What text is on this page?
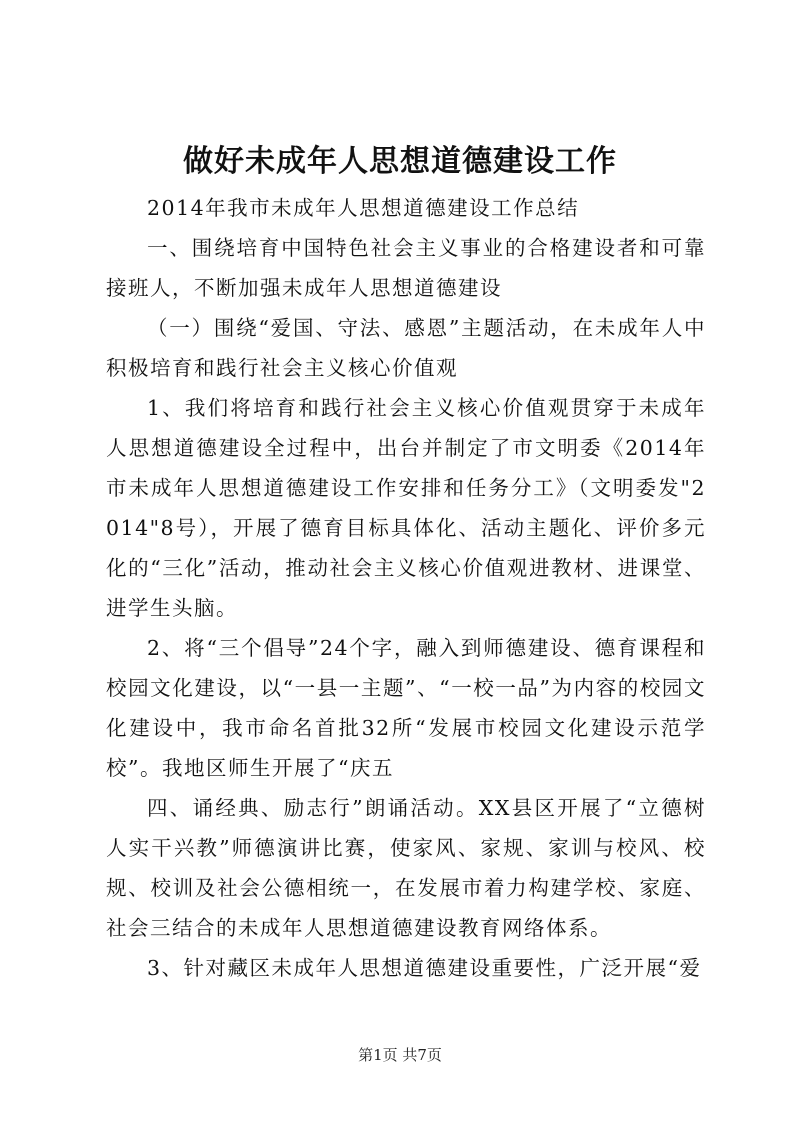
做好未成年人思想道德建设工作

2014年我市未成年人思想道德建设工作总结

一、围绕培育中国特色社会主义事业的合格建设者和可靠接班人，不断加强未成年人思想道德建设

（一）围绕“爱国、守法、感恩”主题活动，在未成年人中积极培育和践行社会主义核心价值观

1、我们将培育和践行社会主义核心价值观贯穿于未成年人思想道德建设全过程中，出台并制定了市文明委《2014年市未成年人思想道德建设工作安排和任务分工》（文明委发"2014"8号），开展了德育目标具体化、活动主题化、评价多元化的“三化”活动，推动社会主义核心价值观进教材、进课堂、进学生头脑。

2、将“三个倡导”24个字，融入到师德建设、德育课程和校园文化建设，以“一县一主题”、“一校一品”为内容的校园文化建设中，我市命名首批32所“发展市校园文化建设示范学校”。我地区师生开展了“庆五

四、诵经典、励志行”朗诵活动。XX县区开展了“立德树人实干兴教”师德演讲比赛，使家风、家规、家训与校风、校规、校训及社会公德相统一，在发展市着力构建学校、家庭、社会三结合的未成年人思想道德建设教育网络体系。

3、针对藏区未成年人思想道德建设重要性，广泛开展“爱

第1页 共7页
